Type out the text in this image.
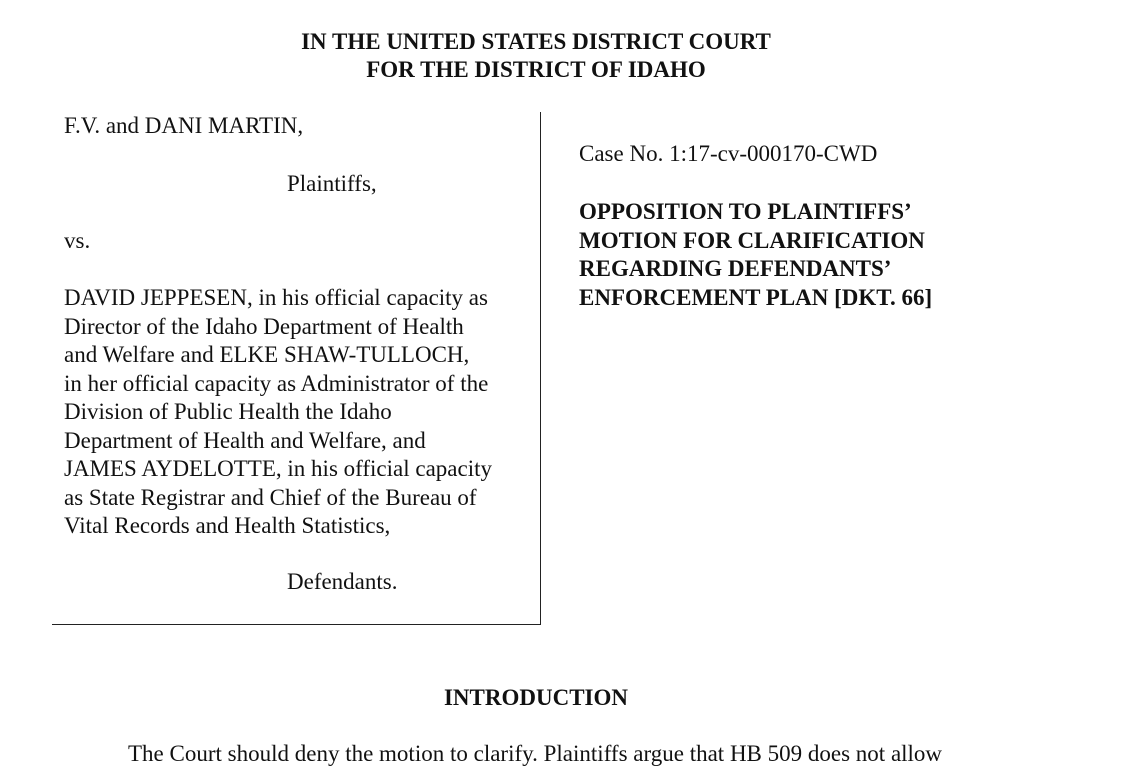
IN THE UNITED STATES DISTRICT COURT
FOR THE DISTRICT OF IDAHO
F.V. and DANI MARTIN,
Plaintiffs,
vs.
DAVID JEPPESEN, in his official capacity as
Director of the Idaho Department of Health
and Welfare and ELKE SHAW-TULLOCH,
in her official capacity as Administrator of the
Division of Public Health the Idaho
Department of Health and Welfare, and
JAMES AYDELOTTE, in his official capacity
as State Registrar and Chief of the Bureau of
Vital Records and Health Statistics,
Defendants.
Case No. 1:17-cv-000170-CWD
OPPOSITION TO PLAINTIFFS’
MOTION FOR CLARIFICATION
REGARDING DEFENDANTS’
ENFORCEMENT PLAN [DKT. 66]
INTRODUCTION
The Court should deny the motion to clarify. Plaintiffs argue that HB 509 does not allow
